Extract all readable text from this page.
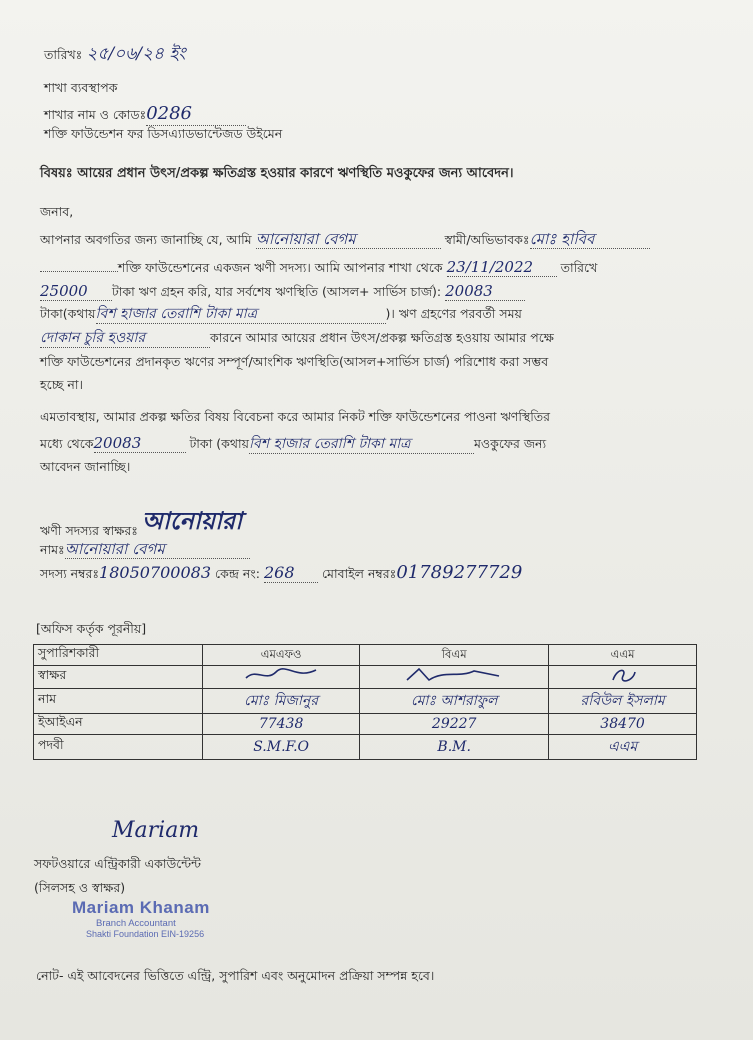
তারিখঃ ২৫/০৬/২৪ ইং
শাখা ব্যবস্থাপক
শাখার নাম ও কোডঃ0286
শক্তি ফাউন্ডেশন ফর ডিসএ্যাডভান্টেজড উইমেন
বিষয়ঃ আয়ের প্রধান উৎস/প্রকল্প ক্ষতিগ্রস্ত হওয়ার কারণে ঋণস্থিতি মওকুফের জন্য আবেদন।
জনাব,
আপনার অবগতির জন্য জানাচ্ছি যে, আমি আনোয়ারা বেগম	স্বামী/অভিভাবকঃমোঃ হাবিব
শক্তি ফাউন্ডেশনের একজন ঋণী সদস্য। আমি আপনার শাখা থেকে 23/11/2022 তারিখে
25000 টাকা ঋণ গ্রহন করি, যার সর্বশেষ ঋণস্থিতি (আসল+ সার্ভিস চার্জ): 20083
টাকা(কথায়বিশ হাজার তেরাশি টাকা মাত্র	)। ঋণ গ্রহণের পরবর্তী সময়
দোকান চুরি হওয়ার	কারনে আমার আয়ের প্রধান উৎস/প্রকল্প ক্ষতিগ্রস্ত হওয়ায় আমার পক্ষে
শক্তি ফাউন্ডেশনের প্রদানকৃত ঋণের সম্পূর্ণ/আংশিক ঋণস্থিতি(আসল+সার্ভিস চার্জ) পরিশোধ করা সম্ভব
হচ্ছে না।
এমতাবস্থায়, আমার প্রকল্প ক্ষতির বিষয় বিবেচনা করে আমার নিকট শক্তি ফাউন্ডেশনের পাওনা ঋণস্থিতির
মধ্যে থেকে20083	টাকা (কথায়বিশ হাজার তেরাশি টাকা মাত্র	মওকুফের জন্য
আবেদন জানাচ্ছি।
ঋণী সদস্যর স্বাক্ষরঃ আনোয়ারা
নামঃআনোয়ারা বেগম
সদস্য নম্বরঃ18050700083 কেন্দ্র নং: 268 মোবাইল নম্বরঃ01789277729
[অফিস কর্তৃক পূরনীয়]
সুপারিশকারী	এমএফও	বিএম	এএম
স্বাক্ষর			
নাম	মোঃ মিজানুর	মোঃ আশরাফুল	রবিউল ইসলাম
ইআইএন	77438	29227	38470
পদবী	S.M.F.O	B.M.	এএম
Mariam
সফটওয়ারে এন্ট্রিকারী একাউন্টেন্ট
(সিলসহ ও স্বাক্ষর)
Mariam Khanam
Branch Accountant
Shakti Foundation EIN-19256
নোট- এই আবেদনের ভিত্তিতে এন্ট্রি, সুপারিশ এবং অনুমোদন প্রক্রিয়া সম্পন্ন হবে।
